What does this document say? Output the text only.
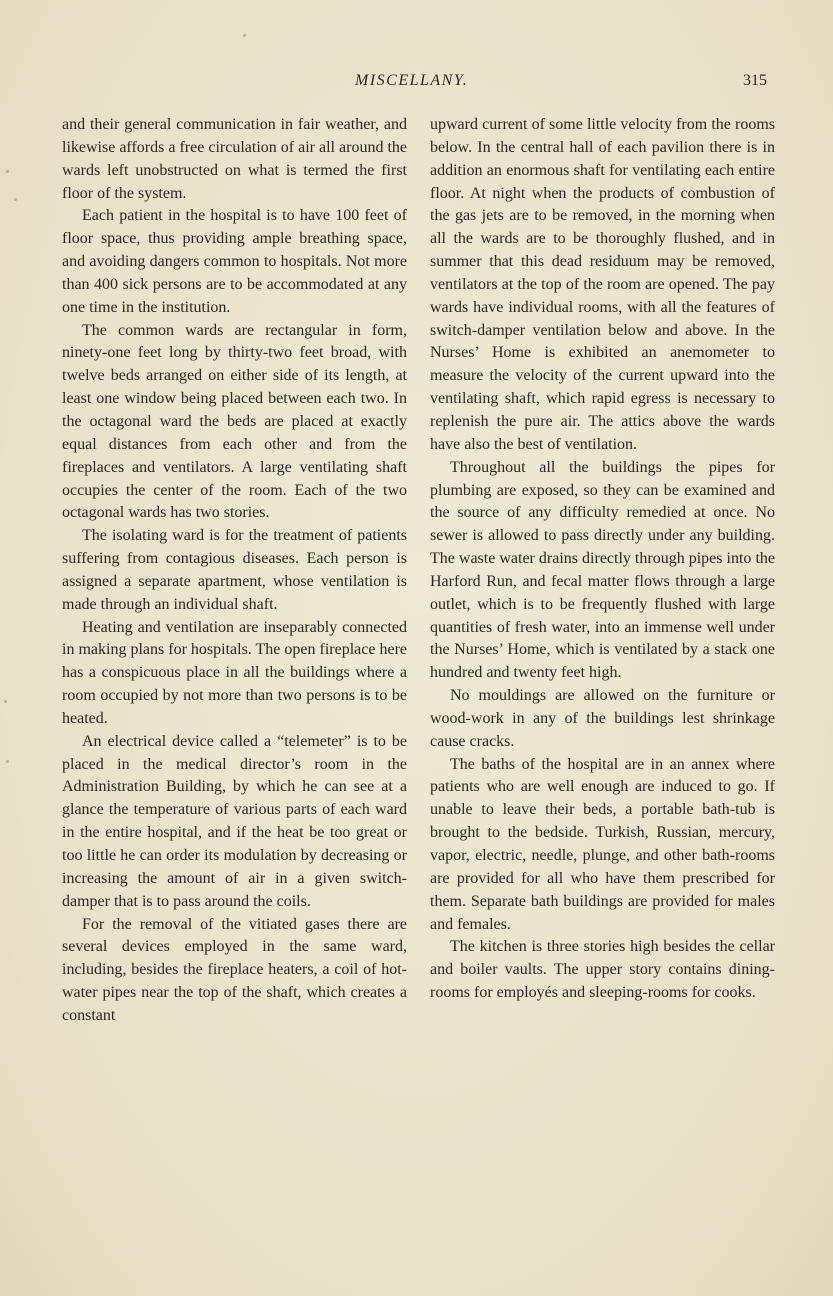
MISCELLANY.	315

and their general communication in fair weather, and likewise affords a free circulation of air all around the wards left unobstructed on what is termed the first floor of the system.

Each patient in the hospital is to have 100 feet of floor space, thus providing ample breathing space, and avoiding dangers common to hospitals. Not more than 400 sick persons are to be accommodated at any one time in the institution.

The common wards are rectangular in form, ninety-one feet long by thirty-two feet broad, with twelve beds arranged on either side of its length, at least one window being placed between each two. In the octagonal ward the beds are placed at exactly equal distances from each other and from the fireplaces and ventilators. A large ventilating shaft occupies the center of the room. Each of the two octagonal wards has two stories.

The isolating ward is for the treatment of patients suffering from contagious diseases. Each person is assigned a separate apartment, whose ventilation is made through an individual shaft.

Heating and ventilation are inseparably connected in making plans for hospitals. The open fireplace here has a conspicuous place in all the buildings where a room occupied by not more than two persons is to be heated.

An electrical device called a “telemeter” is to be placed in the medical director’s room in the Administration Building, by which he can see at a glance the temperature of various parts of each ward in the entire hospital, and if the heat be too great or too little he can order its modulation by decreasing or increasing the amount of air in a given switch-damper that is to pass around the coils.

For the removal of the vitiated gases there are several devices employed in the same ward, including, besides the fireplace heaters, a coil of hot-water pipes near the top of the shaft, which creates a constant

upward current of some little velocity from the rooms below. In the central hall of each pavilion there is in addition an enormous shaft for ventilating each entire floor. At night when the products of combustion of the gas jets are to be removed, in the morning when all the wards are to be thoroughly flushed, and in summer that this dead residuum may be removed, ventilators at the top of the room are opened. The pay wards have individual rooms, with all the features of switch-damper ventilation below and above. In the Nurses’ Home is exhibited an anemometer to measure the velocity of the current upward into the ventilating shaft, which rapid egress is necessary to replenish the pure air. The attics above the wards have also the best of ventilation.

Throughout all the buildings the pipes for plumbing are exposed, so they can be examined and the source of any difficulty remedied at once. No sewer is allowed to pass directly under any building. The waste water drains directly through pipes into the Harford Run, and fecal matter flows through a large outlet, which is to be frequently flushed with large quantities of fresh water, into an immense well under the Nurses’ Home, which is ventilated by a stack one hundred and twenty feet high.

No mouldings are allowed on the furniture or wood-work in any of the buildings lest shrinkage cause cracks.

The baths of the hospital are in an annex where patients who are well enough are induced to go. If unable to leave their beds, a portable bath-tub is brought to the bedside. Turkish, Russian, mercury, vapor, electric, needle, plunge, and other bath-rooms are provided for all who have them prescribed for them. Separate bath buildings are provided for males and females.

The kitchen is three stories high besides the cellar and boiler vaults. The upper story contains dining-rooms for employés and sleeping-rooms for cooks.
